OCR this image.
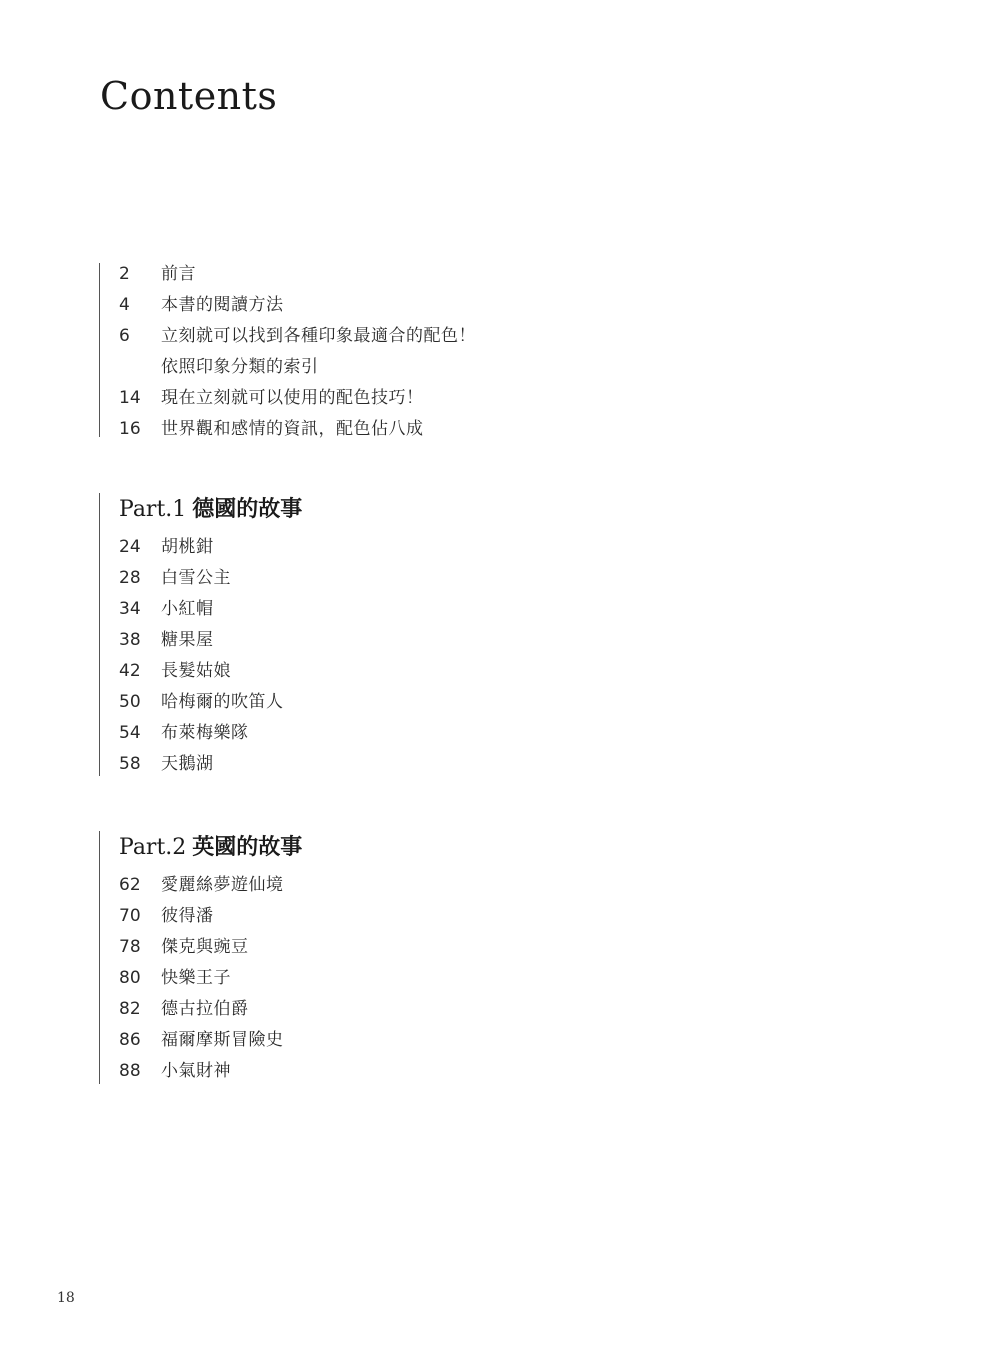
Contents
2	前言
4	本書的閱讀方法
6	立刻就可以找到各種印象最適合的配色！
依照印象分類的索引
14	現在立刻就可以使用的配色技巧！
16	世界觀和感情的資訊，配色佔八成
Part.1 德國的故事
24	胡桃鉗
28	白雪公主
34	小紅帽
38	糖果屋
42	長髮姑娘
50	哈梅爾的吹笛人
54	布萊梅樂隊
58	天鵝湖
Part.2 英國的故事
62	愛麗絲夢遊仙境
70	彼得潘
78	傑克與豌豆
80	快樂王子
82	德古拉伯爵
86	福爾摩斯冒險史
88	小氣財神
18
